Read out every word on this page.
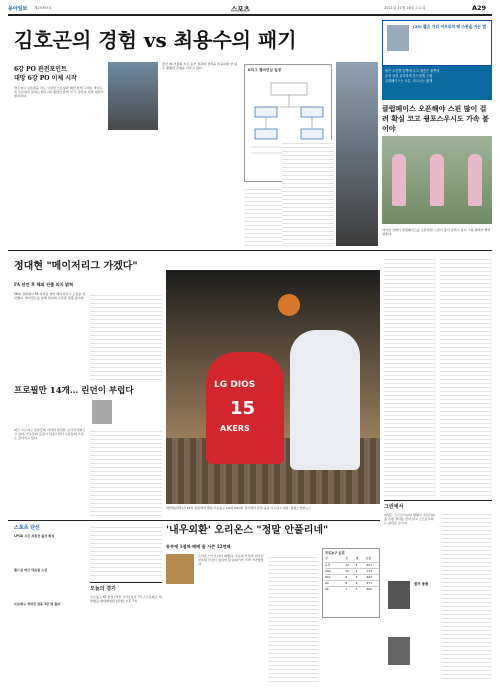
동아일보 제29397호	스포츠	2011년 11월 16일 수요일	A29
김호곤의 경험 vs 최용수의 패기
6강 PO 관전포인트
대망 6강 PO 이제 시작
박주영이 오른쪽을 차도 사실상 스트링과 레인 자세 그대로 마치도록 주문하지 못하는 K리그의 챔피언 앞에 선 두 감독의 지략 대결이 펼쳐진다.
울산 vs 서울의 시즌 승부 결과와 전력을 비교하면 양 팀은 팽팽한 균형을 이루고 있다.	K리그 챔피언십 일정
(25) 짧은 거리 어프로치 때 스핀을 거는 법
볼은 오른발 앞쪽에 두고 체중은 왼쪽에
손목 코킹 유지하며 부드럽게 스윙
클럽페이스는 오픈, 피니시는 짧게
클럽페이스 오픈해야 스핀 많이 걸려 확실 코고 꿩포스우시도 가속 붙어야
아이언 샷에서 클럽페이스를 오픈하면 스핀이 많이 걸리고 볼이 그린 위에서 빨리 멈춘다.
정대현 "메이저리그 가겠다"
FA 선언 후 해외 진출 의지 밝혀
SK의 정대현이 FA 자격을 얻어 메이저리그 도전을 선언했다. 에이전트를 통해 복수의 구단과 접촉 중이다.
프로필만 14개… 린던이 부럽다
최근 프로야구 선수들의 이적과 관련한 소식이 잇따르고 있다. 선수들의 몸값이 치솟으면서 구단들의 고민도 깊어지고 있다.
LG DIOS
15
AKERS
박찬희(왼쪽)가 15일 창원에서 열린 프로농구 LG와 KGC의 경기에서 골밑 슛을 시도하고 있다. 창원 | 연합뉴스
'내우외환' 오리온스 "정말 안풀리네"
동부에 1점차 패배 올 시즌 12연패
오리온스가 또다시 패했다. 주포의 부상과 외국인 선수의 부진이 겹치며 팀 분위기가 크게 가라앉았다.
프로농구 순위
팀	승	패	승률
동부	12	2	.857
KGC	10	4	.714
KCC	9	5	.643
LG	8	6	.571
SK	7	7	.500
스포츠 단신
LPGA 시즌 최종전 출전 확정
월드컵 예선 대표팀 소집
프로배구 개막전 관중 1만 명 돌파
오늘의 경기
프로농구 KT-삼성 (부산 사직) 오후 7시 / 프로배구 대한항공-현대캐피탈 (인천) 오후 7시
그린에서
퍼팅은 스트로크보다 방향이 우선이다. 홀 주변 경사를 먼저 읽고 스트로크하는 습관을 들이자.
골프 용품
